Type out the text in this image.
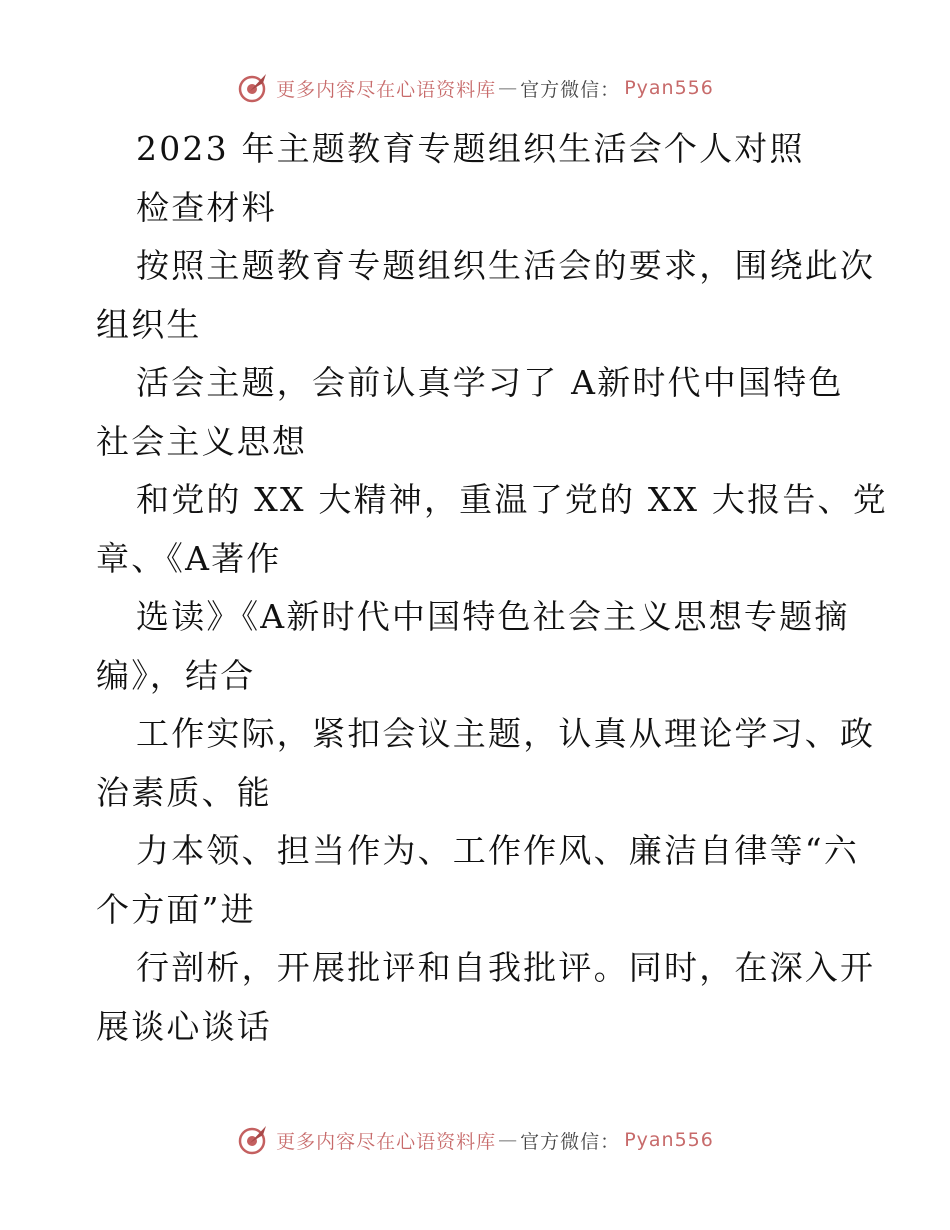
更多内容尽在心语资料库 — 官方微信： Pyan556
2023 年主题教育专题组织生活会个人对照
检查材料
按照主题教育专题组织生活会的要求，围绕此次
组织生
活会主题，会前认真学习了 A新时代中国特色
社会主义思想
和党的 XX 大精神，重温了党的 XX 大报告、党
章、《A著作
选读》《A新时代中国特色社会主义思想专题摘
编》，结合
工作实际，紧扣会议主题，认真从理论学习、政
治素质、能
力本领、担当作为、工作作风、廉洁自律等“六
个方面”进
行剖析，开展批评和自我批评。同时，在深入开
展谈心谈话
更多内容尽在心语资料库 — 官方微信： Pyan556
